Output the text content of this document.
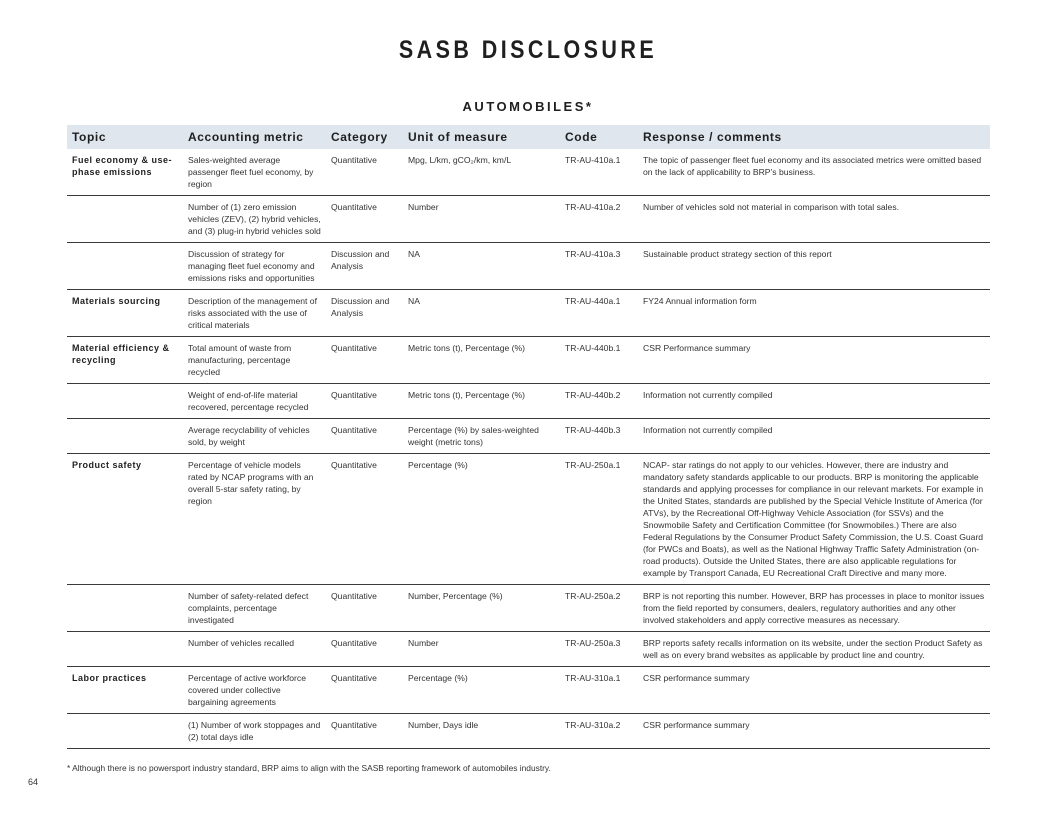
SASB DISCLOSURE
AUTOMOBILES*
Topic	Accounting metric	Category	Unit of measure	Code	Response / comments
Fuel economy & use-phase emissions	Sales-weighted average passenger fleet fuel economy, by region	Quantitative	Mpg, L/km, gCO₂/km, km/L	TR-AU-410a.1	The topic of passenger fleet fuel economy and its associated metrics were omitted based on the lack of applicability to BRP’s business.
	Number of (1) zero emission vehicles (ZEV), (2) hybrid vehicles, and (3) plug-in hybrid vehicles sold	Quantitative	Number	TR-AU-410a.2	Number of vehicles sold not material in comparison with total sales.
	Discussion of strategy for managing fleet fuel economy and emissions risks and opportunities	Discussion and Analysis	NA	TR-AU-410a.3	Sustainable product strategy section of this report
Materials sourcing	Description of the management of risks associated with the use of critical materials	Discussion and Analysis	NA	TR-AU-440a.1	FY24 Annual information form
Material efficiency & recycling	Total amount of waste from manufacturing, percentage recycled	Quantitative	Metric tons (t), Percentage (%)	TR-AU-440b.1	CSR Performance summary
	Weight of end-of-life material recovered, percentage recycled	Quantitative	Metric tons (t), Percentage (%)	TR-AU-440b.2	Information not currently compiled
	Average recyclability of vehicles sold, by weight	Quantitative	Percentage (%) by sales-weighted weight (metric tons)	TR-AU-440b.3	Information not currently compiled
Product safety	Percentage of vehicle models rated by NCAP programs with an overall 5-star safety rating, by region	Quantitative	Percentage (%)	TR-AU-250a.1	NCAP- star ratings do not apply to our vehicles. However, there are industry and mandatory safety standards applicable to our products. BRP is monitoring the applicable standards and applying processes for compliance in our relevant markets. For example in the United States, standards are published by the Special Vehicle Institute of America (for ATVs), by the Recreational Off-Highway Vehicle Association (for SSVs) and the Snowmobile Safety and Certification Committee (for Snowmobiles.) There are also Federal Regulations by the Consumer Product Safety Commission, the U.S. Coast Guard (for PWCs and Boats), as well as the National Highway Traffic Safety Administration (on-road products). Outside the United States, there are also applicable regulations for example by Transport Canada, EU Recreational Craft Directive and many more.
	Number of safety-related defect complaints, percentage investigated	Quantitative	Number, Percentage (%)	TR-AU-250a.2	BRP is not reporting this number. However, BRP has processes in place to monitor issues from the field reported by consumers, dealers, regulatory authorities and any other involved stakeholders and apply corrective measures as necessary.
	Number of vehicles recalled	Quantitative	Number	TR-AU-250a.3	BRP reports safety recalls information on its website, under the section Product Safety as well as on every brand websites as applicable by product line and country.
Labor practices	Percentage of active workforce covered under collective bargaining agreements	Quantitative	Percentage (%)	TR-AU-310a.1	CSR performance summary
	(1) Number of work stoppages and (2) total days idle	Quantitative	Number, Days idle	TR-AU-310a.2	CSR performance summary
* Although there is no powersport industry standard, BRP aims to align with the SASB reporting framework of automobiles industry.
64
